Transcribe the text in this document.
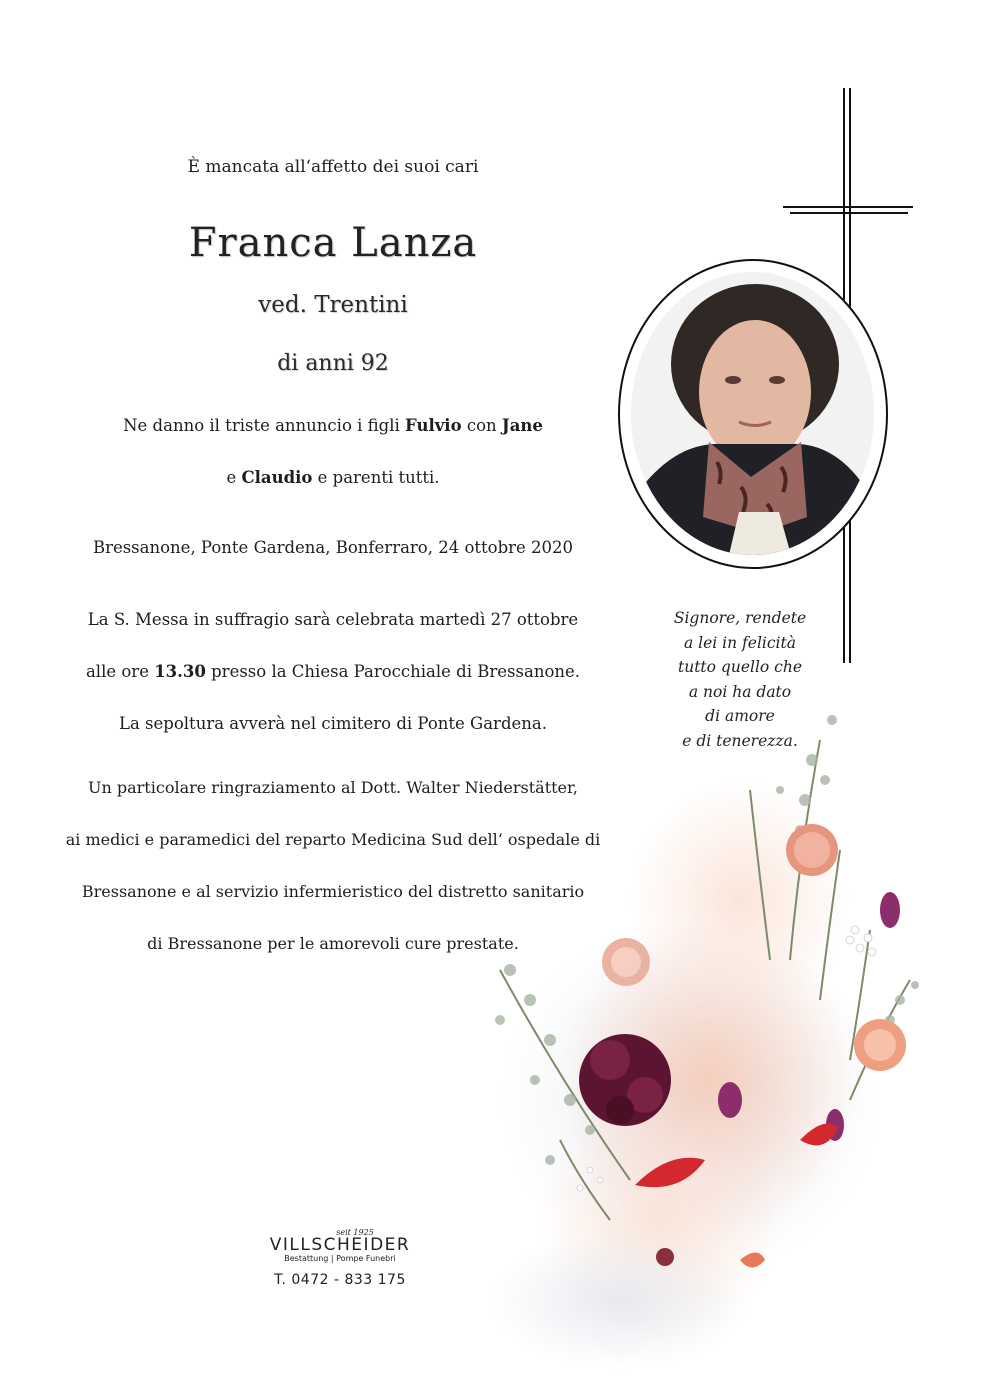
È mancata all‘affetto dei suoi cari
Franca Lanza
ved. Trentini
di anni 92
Ne danno il triste annuncio i figli Fulvio con Jane
e Claudio e parenti tutti.
Bressanone, Ponte Gardena, Bonferraro, 24 ottobre 2020
La S. Messa in suffragio sarà celebrata martedì 27 ottobre
alle ore 13.30 presso la Chiesa Parocchiale di Bressanone.
La sepoltura avverà nel cimitero di Ponte Gardena.
Un particolare ringraziamento al Dott. Walter Niederstätter,
ai medici e paramedici del reparto Medicina Sud dell‘ ospedale di
Bressanone e al servizio infermieristico del distretto sanitario
di Bressanone per le amorevoli cure prestate.
Signore, rendete
a lei in felicità
tutto quello che
a noi ha dato
di amore
e di tenerezza.
seit 1925
VILLSCHEIDER
Bestattung | Pompe Funebri
T. 0472 - 833 175
